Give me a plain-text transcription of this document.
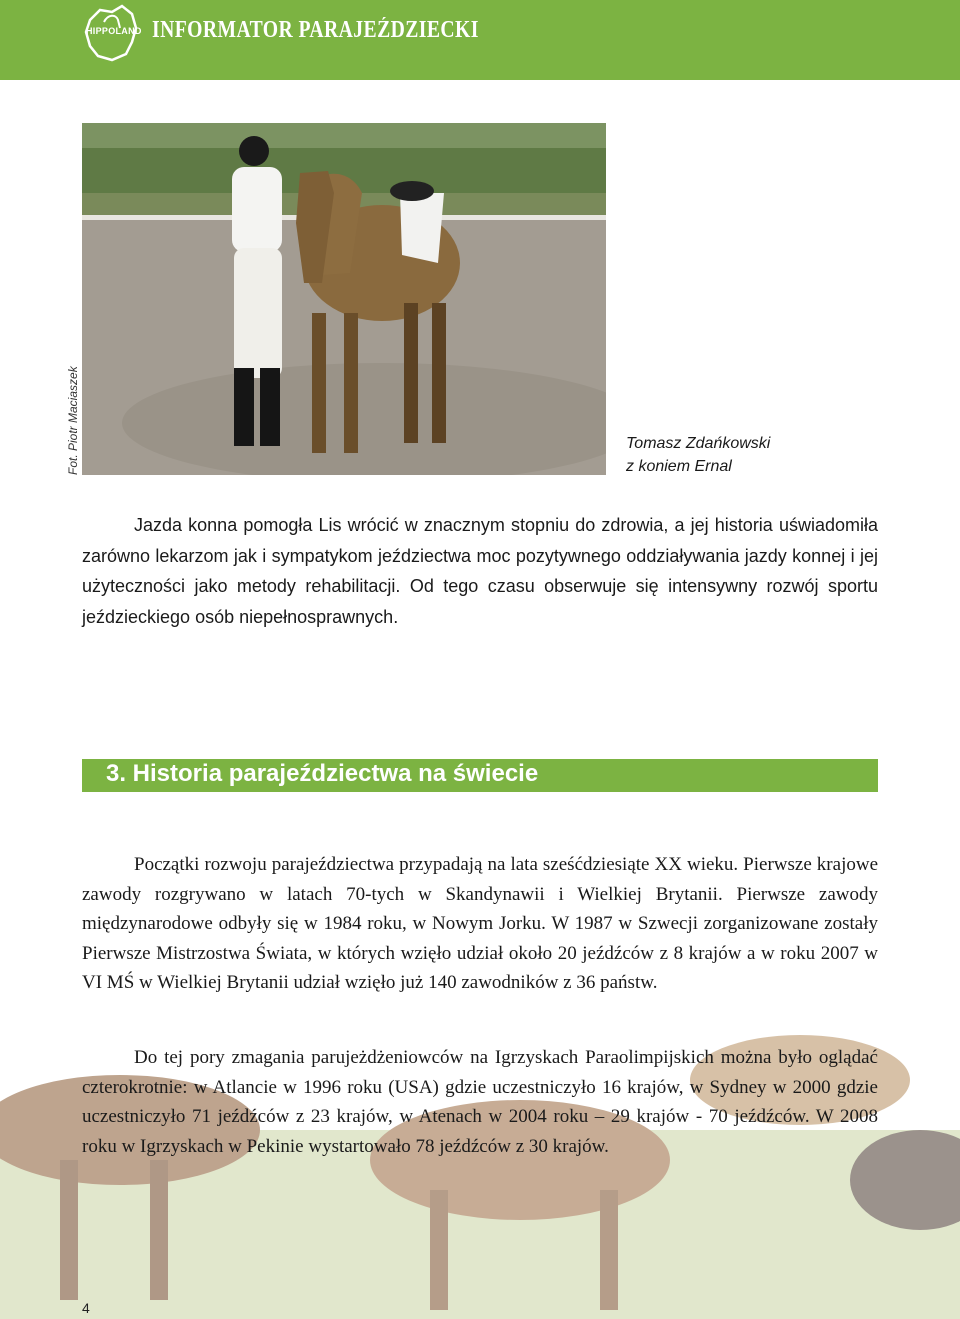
HIPPOLAND INFORMATOR PARAJEŹDZIECKI
Fot. Piotr Maciaszek	Tomasz Zdańkowski
z koniem Ernal

Jazda konna pomogła Lis wrócić w znacznym stopniu do zdrowia, a jej historia uświadomiła zarówno lekarzom jak i sympatykom jeździectwa moc pozytywnego oddziaływania jazdy konnej i jej użyteczności jako metody rehabilitacji. Od tego czasu obserwuje się intensywny rozwój sportu jeździeckiego osób niepełnosprawnych.

3. Historia parajeździectwa na świecie

Początki rozwoju parajeździectwa przypadają na lata sześćdziesiąte XX wieku. Pierwsze krajowe zawody rozgrywano w latach 70-tych w Skandynawii i Wielkiej Brytanii. Pierwsze zawody międzynarodowe odbyły się w 1984 roku, w Nowym Jorku. W 1987 w Szwecji zorganizowane zostały Pierwsze Mistrzostwa Świata, w których wzięło udział około 20 jeźdźców z 8 krajów a w roku 2007 w VI MŚ w Wielkiej Brytanii udział wzięło już 140 zawodników z 36 państw.

Do tej pory zmagania parujeżdżeniowców na Igrzyskach Paraolimpijskich można było oglądać czterokrotnie: w Atlancie w 1996 roku (USA) gdzie uczestniczyło 16 krajów, w Sydney w 2000 gdzie uczestniczyło 71 jeźdźców z 23 krajów, w Atenach w 2004 roku – 29 krajów - 70 jeźdźców. W 2008 roku w Igrzyskach w Pekinie wystartowało 78 jeźdźców z 30 krajów.

4
